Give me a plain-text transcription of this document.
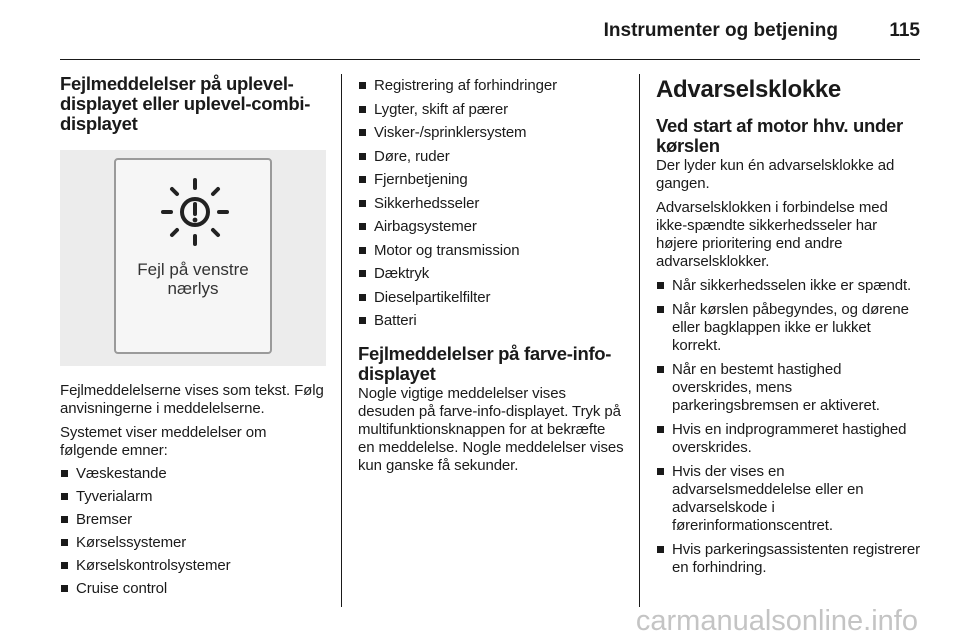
Instrumenter og betjening	115
Fejlmeddelelser på uplevel-displayet eller uplevel-combi-displayet
Fejl på venstre
nærlys

Fejlmeddelelserne vises som tekst. Følg anvisningerne i meddelelserne.

Systemet viser meddelelser om følgende emner:

Væskestande
Tyverialarm
Bremser
Kørselssystemer
Kørselskontrolsystemer
Cruise control
Registrering af forhindringer
Lygter, skift af pærer
Visker-/sprinklersystem
Døre, ruder
Fjernbetjening
Sikkerhedsseler
Airbagsystemer
Motor og transmission
Dæktryk
Dieselpartikelfilter
Batteri
Fejlmeddelelser på farve-info-displayet

Nogle vigtige meddelelser vises desuden på farve-info-displayet. Tryk på multifunktionsknappen for at bekræfte en meddelelse. Nogle meddelelser vises kun ganske få sekunder.

Advarselsklokke
Ved start af motor hhv. under kørslen

Der lyder kun én advarselsklokke ad gangen.

Advarselsklokken i forbindelse med ikke-spændte sikkerhedsseler har højere prioritering end andre advarselsklokker.

Når sikkerhedsselen ikke er spændt.
Når kørslen påbegyndes, og dørene eller bagklappen ikke er lukket korrekt.
Når en bestemt hastighed overskrides, mens parkeringsbremsen er aktiveret.
Hvis en indprogrammeret hastighed overskrides.
Hvis der vises en advarselsmeddelelse eller en advarselskode i førerinformationscentret.
Hvis parkeringsassistenten registrerer en forhindring.
carmanualsonline.info
